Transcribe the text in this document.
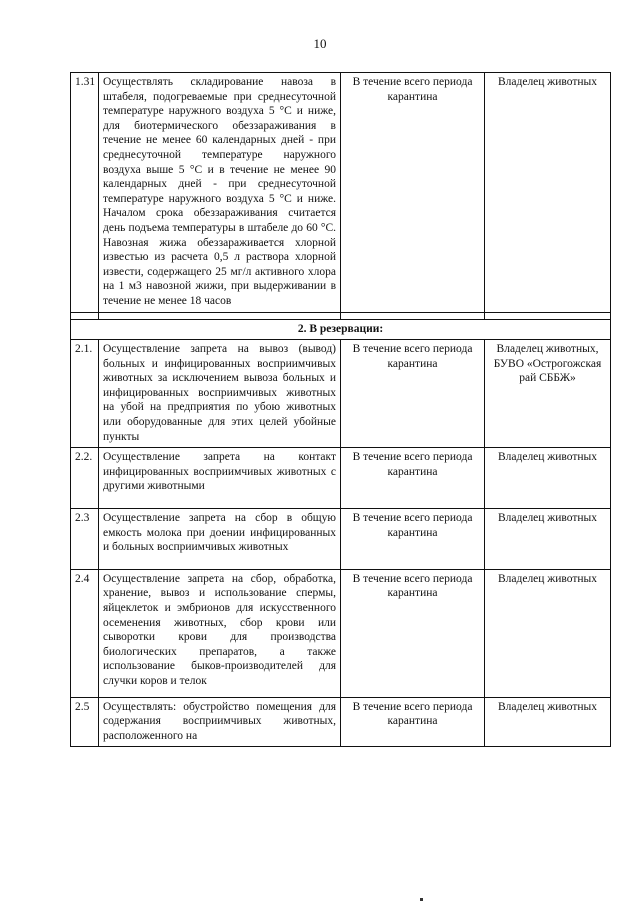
10
1.31	Осуществлять складирование навоза в штабеля, подогреваемые при среднесуточной температуре наружного воздуха 5 °С и ниже, для биотермического обеззараживания в течение не менее 60 календарных дней - при среднесуточной температуре наружного воздуха выше 5 °С и в течение не менее 90 календарных дней - при среднесуточной температуре наружного воздуха 5 °С и ниже. Началом срока обеззараживания считается день подъема температуры в штабеле до 60 °С. Навозная жижа обеззараживается хлорной известью из расчета 0,5 л раствора хлорной извести, содержащего 25 мг/л активного хлора на 1 м3 навозной жижи, при выдерживании в течение не менее 18 часов	В течение всего периода карантина	Владелец животных

2. В резервации:			
2.1.	Осуществление запрета на вывоз (вывод) больных и инфицированных восприимчивых животных за исключением вывоза больных и инфицированных восприимчивых животных на убой на предприятия по убою животных или оборудованные для этих целей убойные пункты	В течение всего периода карантина	Владелец животных, БУВО «Острогожская рай СББЖ»
2.2.	Осуществление запрета на контакт инфицированных восприимчивых животных с другими животными	В течение всего периода карантина	Владелец животных
2.3	Осуществление запрета на сбор в общую емкость молока при доении инфицированных и больных восприимчивых животных	В течение всего периода карантина	Владелец животных
2.4	Осуществление запрета на сбор, обработка, хранение, вывоз и использование спермы, яйцеклеток и эмбрионов для искусственного осеменения животных, сбор крови или сыворотки крови для производства биологических препаратов, а также использование быков-производителей для случки коров и телок	В течение всего периода карантина	Владелец животных
2.5	Осуществлять: обустройство помещения для содержания восприимчивых животных, расположенного на	В течение всего периода карантина	Владелец животных
